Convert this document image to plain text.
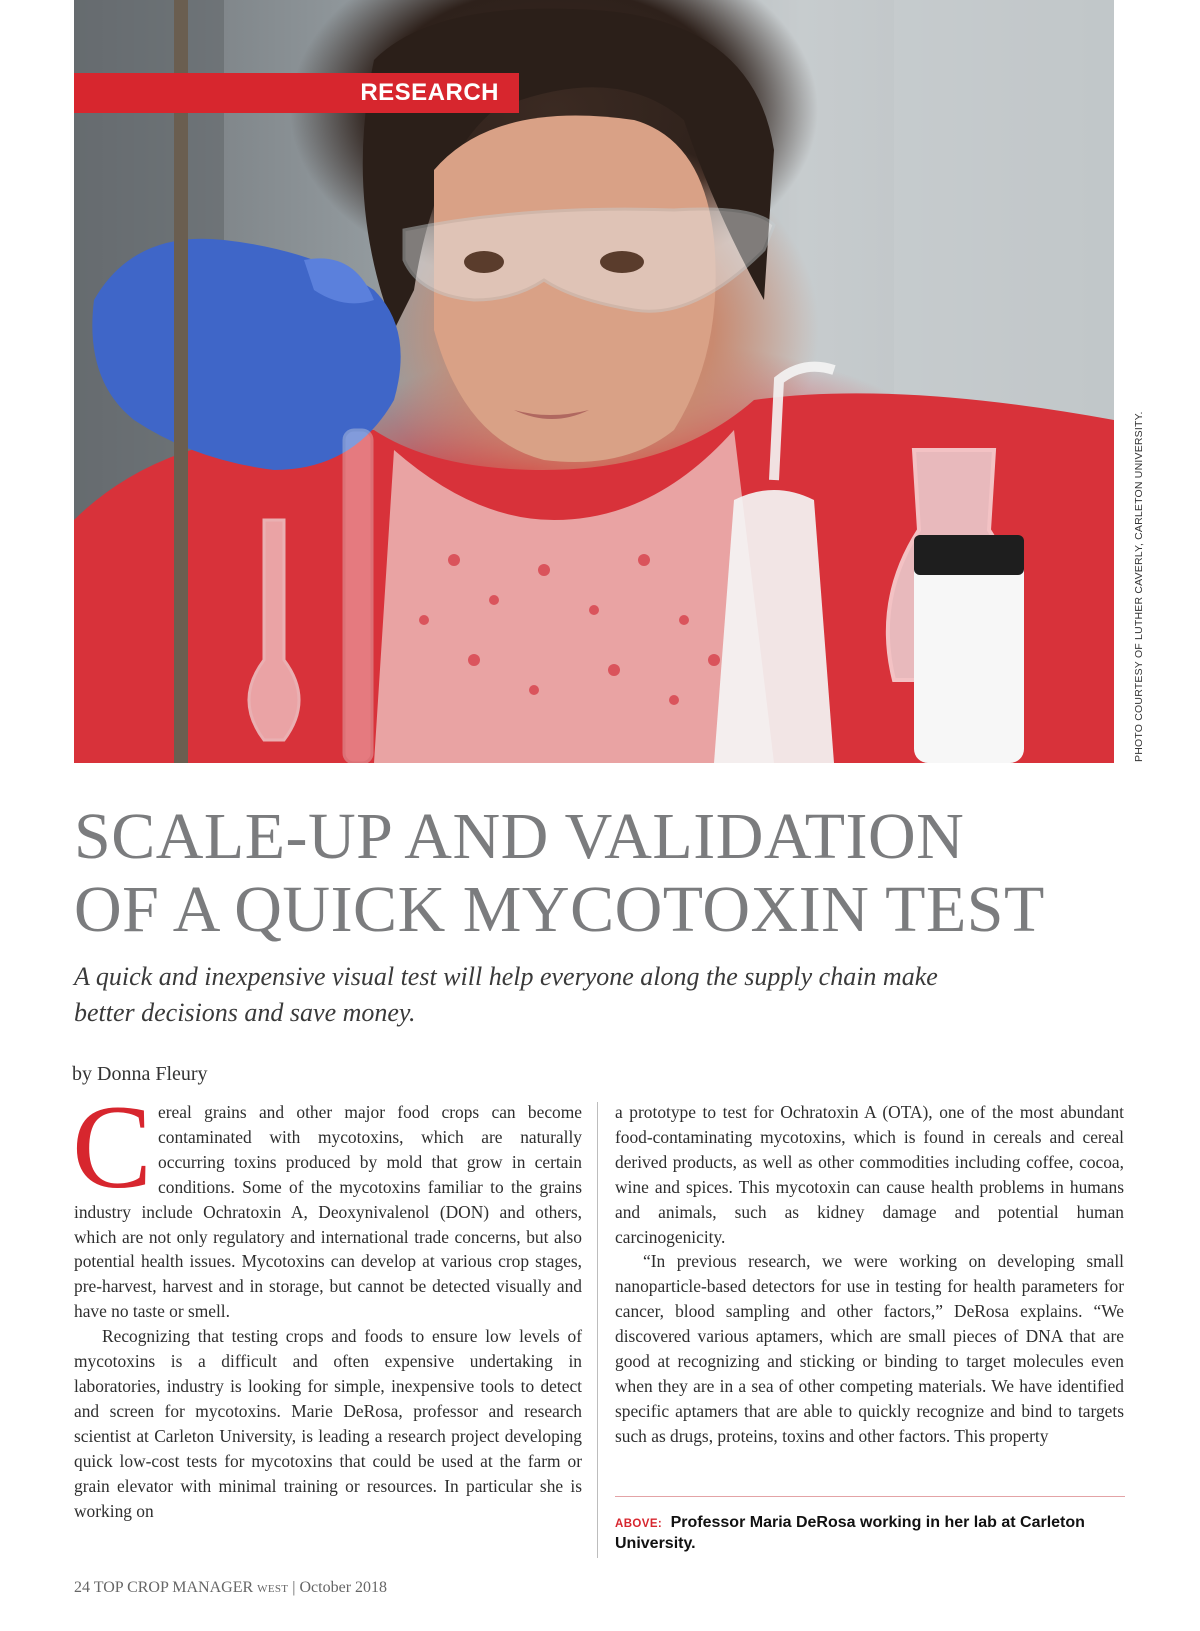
RESEARCH
PHOTO COURTESY OF LUTHER CAVERLY, CARLETON UNIVERSITY.
SCALE-UP AND VALIDATION
OF A QUICK MYCOTOXIN TEST

A quick and inexpensive visual test will help everyone along the supply chain make better decisions and save money.

by Donna Fleury

Cereal grains and other major food crops can become contaminated with mycotoxins, which are naturally occurring toxins produced by mold that grow in certain conditions. Some of the mycotoxins familiar to the grains industry include Ochratoxin A, Deoxynivalenol (DON) and others, which are not only regulatory and international trade concerns, but also potential health issues. Mycotoxins can develop at various crop stages, pre-harvest, harvest and in storage, but cannot be detected visually and have no taste or smell.

Recognizing that testing crops and foods to ensure low levels of mycotoxins is a difficult and often expensive undertaking in laboratories, industry is looking for simple, inexpensive tools to detect and screen for mycotoxins. Marie DeRosa, professor and research scientist at Carleton University, is leading a research project developing quick low-cost tests for mycotoxins that could be used at the farm or grain elevator with minimal training or resources. In particular she is working on

a prototype to test for Ochratoxin A (OTA), one of the most abundant food-contaminating mycotoxins, which is found in cereals and cereal derived products, as well as other commodities including coffee, cocoa, wine and spices. This mycotoxin can cause health problems in humans and animals, such as kidney damage and potential human carcinogenicity.

“In previous research, we were working on developing small nanoparticle-based detectors for use in testing for health parameters for cancer, blood sampling and other factors,” DeRosa explains. “We discovered various aptamers, which are small pieces of DNA that are good at recognizing and sticking or binding to target molecules even when they are in a sea of other competing materials. We have identified specific aptamers that are able to quickly recognize and bind to targets such as drugs, proteins, toxins and other factors. This property

ABOVE: Professor Maria DeRosa working in her lab at Carleton University.
24 TOP CROP MANAGER WEST | October 2018
